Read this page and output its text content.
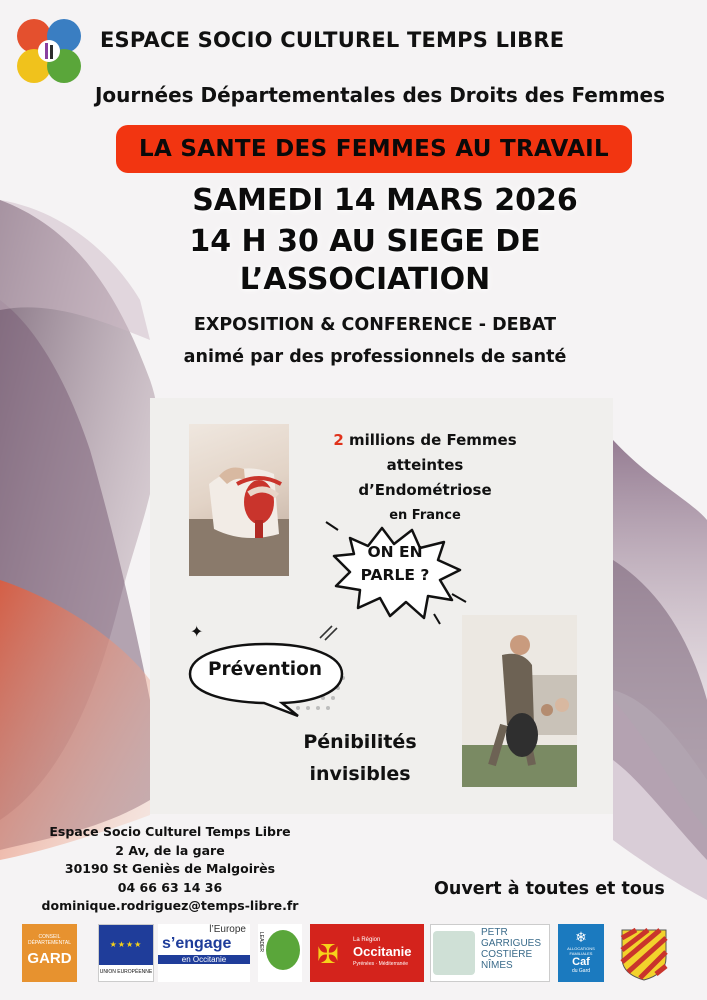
ESPACE SOCIO CULTUREL TEMPS LIBRE
Journées Départementales des Droits des Femmes
LA SANTE DES FEMMES AU TRAVAIL
SAMEDI 14 MARS 2026
14 H 30 AU SIEGE DE
L’ASSOCIATION
EXPOSITION & CONFERENCE - DEBAT
animé par des professionnels de santé
2 millions de Femmes
atteintes
d’Endométriose
en France
ON EN
PARLE ?
✦
Prévention
Pénibilités
invisibles
Espace Socio Culturel Temps Libre
2 Av, de la gare
30190 St Geniès de Malgoirès
04 66 63 14 36
dominique.rodriguez@temps-libre.fr
Ouvert à toutes et tous
CONSEIL DÉPARTEMENTAL
GARD
★★★★
UNION EUROPÉENNE
l’Europe
s’engage
en Occitanie
LEADER ✠ La Région
Occitanie
Pyrénées · Méditerranée
PETR
GARRIGUES
COSTIÈRE
NÎMES
❄
ALLOCATIONS FAMILIALES
Caf
du Gard
